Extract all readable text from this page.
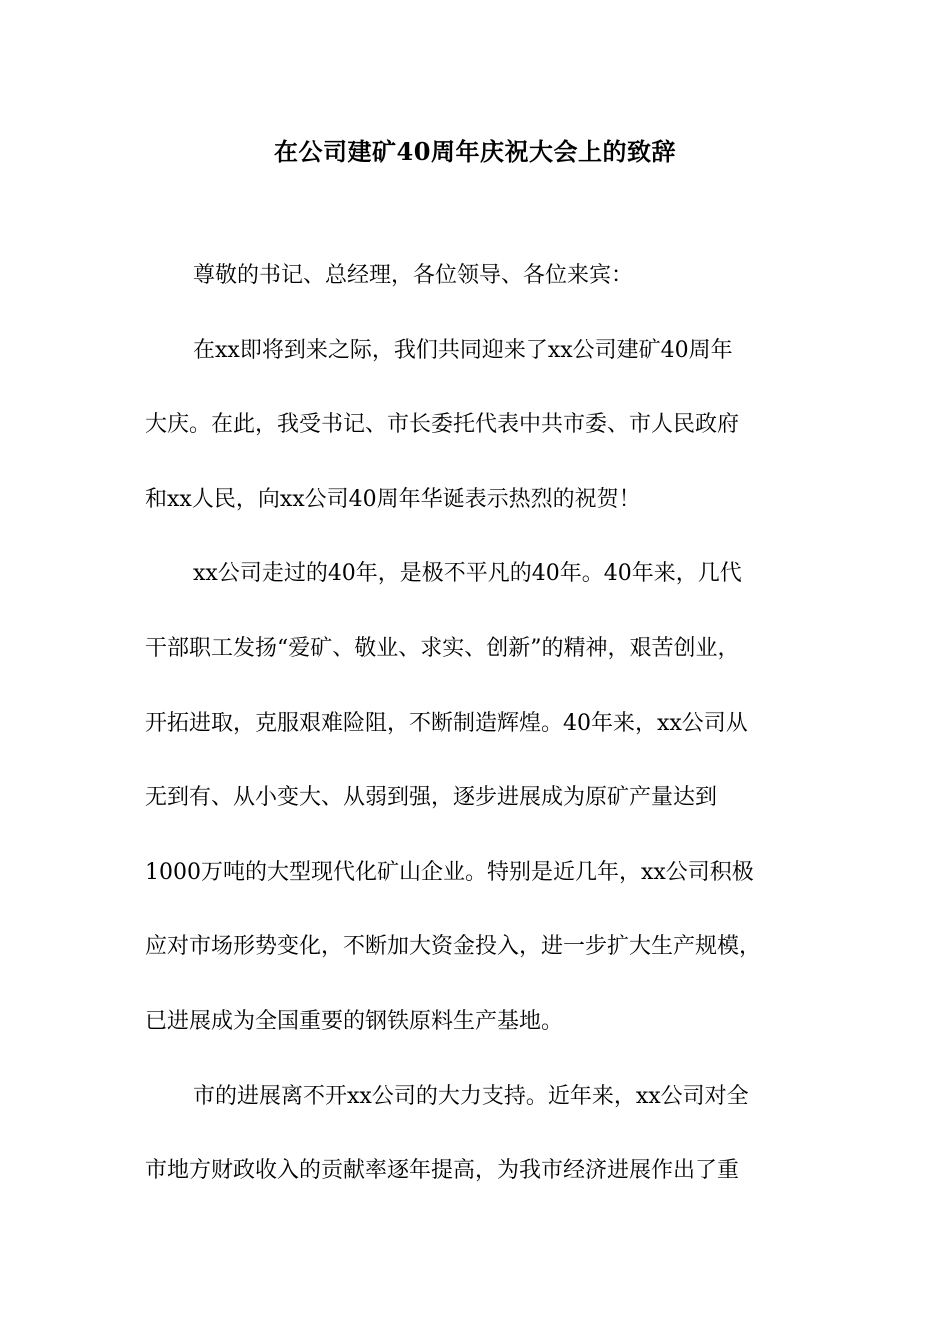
在公司建矿40周年庆祝大会上的致辞
尊敬的书记、总经理，各位领导、各位来宾：
在xx即将到来之际，我们共同迎来了xx公司建矿40周年
大庆。在此，我受书记、市长委托代表中共市委、市人民政府
和xx人民，向xx公司40周年华诞表示热烈的祝贺！
xx公司走过的40年，是极不平凡的40年。40年来，几代
干部职工发扬“爱矿、敬业、求实、创新”的精神，艰苦创业，
开拓进取，克服艰难险阻，不断制造辉煌。40年来，xx公司从
无到有、从小变大、从弱到强，逐步进展成为原矿产量达到
1000万吨的大型现代化矿山企业。特别是近几年，xx公司积极
应对市场形势变化，不断加大资金投入，进一步扩大生产规模，
已进展成为全国重要的钢铁原料生产基地。
市的进展离不开xx公司的大力支持。近年来，xx公司对全
市地方财政收入的贡献率逐年提高，为我市经济进展作出了重
